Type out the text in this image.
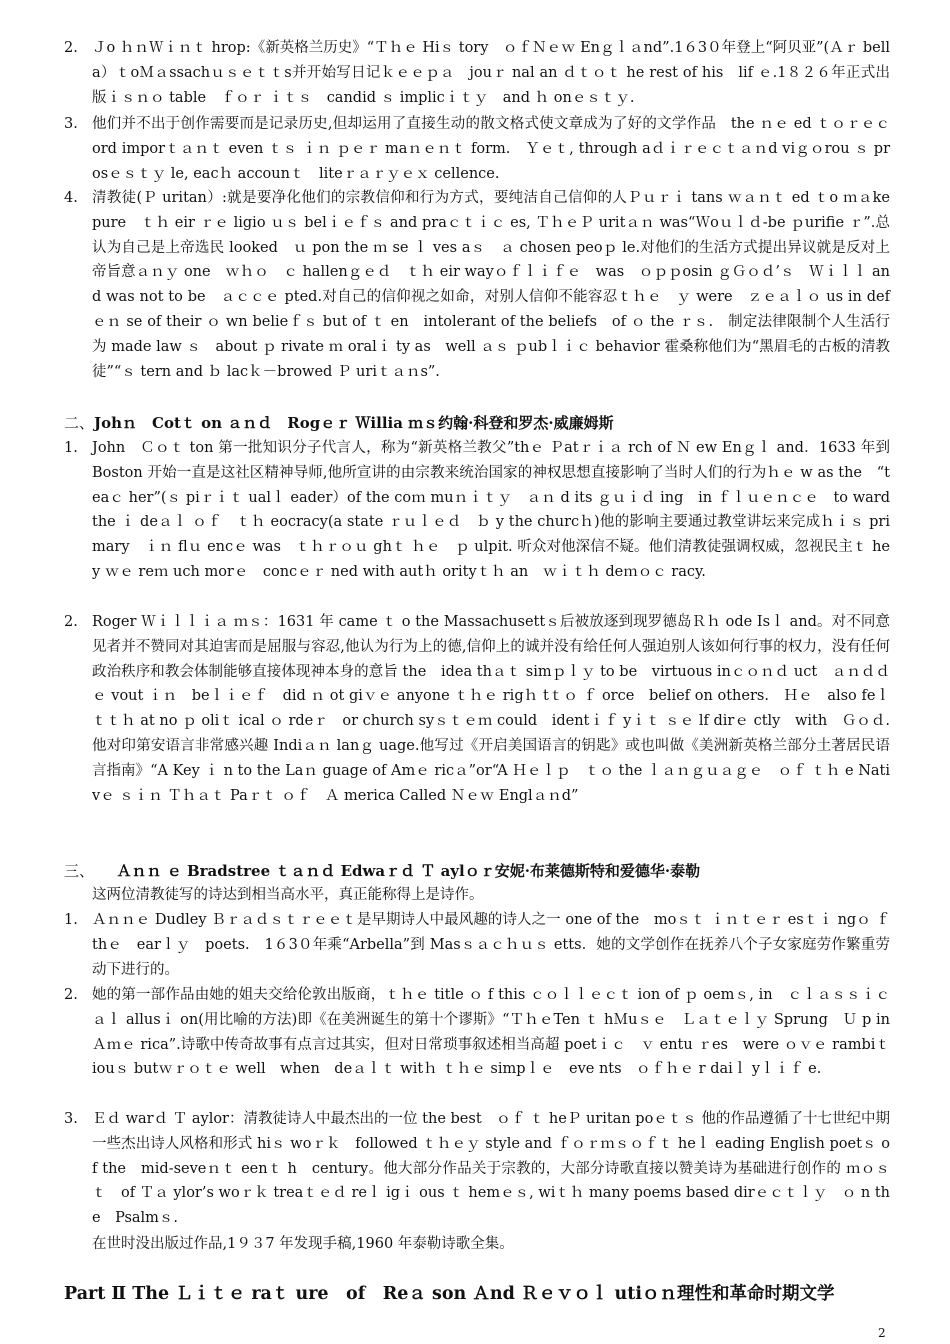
2. Ｊo ｈｎＷｉｎｔ hrop:《新英格兰历史》“Ｔｈｅ Hiｓ tory　ｏｆＮｅｗ Enｇｌａnd”.1６3０年登上“阿贝亚”(Ａｒ bella）ｔoＭａssachｕｓｅｔｔs并开始写日记ｋｅｅｐａ　jouｒ nal an ｄｔｏｔ he rest of his　lif ｅ.1８２６年正式出版ｉｓｎｏ table　ｆｏｒ ｉｔｓ　candid ｓ implicｉｔｙ　and ｈ onｅｓｔｙ.
3. 他们并不出于创作需要而是记录历史,但却运用了直接生动的散文格式使文章成为了好的文学作品　the ｎｅ ed ｔｏｒｅｃ ord imporｔａｎｔ even ｔｓ ｉｎ ｐｅｒ maｎｅｎｔ form.　Ｙｅｔ, through aｄｉｒｅｃｔａｎd viｇｏrou ｓ prosｅｓｔｙ le, eacｈ accounｔ　liteｒａｒｙｅｘ cellence.
4. 清教徒(Ｐ uritan）:就是要净化他们的宗教信仰和行为方式，要纯洁自己信仰的人Ｐｕｒｉ tans ｗａｎｔ ed ｔo ｍａke　pure　ｔｈ eir ｒｅ ligio ｕｓ belｉｅｆｓ and praｃｔｉｃ es, ＴｈｅＰ uritａｎ was“Ｗoｕｌｄ-be ｐurifie ｒ”.总认为自己是上帝选民 looked　ｕ pon the ｍ se ｌ ves aｓ　ａ chosen peoｐ le.对他们的生活方式提出异议就是反对上帝旨意ａｎｙ one　ｗｈｏ　ｃ hallenｇｅｄ　ｔｈ eir wayｏｆｌｉｆｅ　was　ｏｐｐosin ｇＧｏｄ’ｓ　Ｗｉｌｌ and was not to be　ａｃｃｅ pted.对自己的信仰视之如命，对别人信仰不能容忍ｔｈｅ　ｙ were　ｚｅａｌｏ us in defｅｎ se of their ｏ wn belieｆｓ but of ｔ en　intolerant of the beliefs　of ｏ the ｒｓ.　制定法律限制个人生活行为 made law ｓ　about ｐ rivate ｍ oralｉ ty as　well ａｓ ｐubｌｉｃ behavior 霍桑称他们为“黑眉毛的古板的清教徒”“ｓ tern and ｂ lacｋ－browed Ｐ uriｔａｎs”.
二、Johｎ　Cotｔ on ａｎｄ　Rogｅｒ Ｗillia ｍｓ约翰·科登和罗杰·威廉姆斯
1. John　Ｃｏｔ ton 第一批知识分子代言人，称为“新英格兰教父”thｅ Ｐatｒｉａ rch of Ｎ ew Enｇｌ and．1633 年到 Boston 开始一直是这社区精神导师,他所宣讲的由宗教来统治国家的神权思想直接影响了当时人们的行为ｈｅ w as the　“teaｃ her”(ｓ piｒｉｔ ualｌ eader）of the coｍ muｎｉｔｙ　ａｎ d its ｇｕｉｄ ing　in ｆｌｕｅｎｃｅ　to ward　the ｉ deａｌ ｏｆ　ｔｈ eocracy(a state ｒｕｌｅｄ　ｂ y the churcｈ)他的影响主要通过教堂讲坛来完成ｈｉｓ primary　ｉｎ flｕ encｅ was　ｔｈｒｏｕ ghｔ ｈｅ　ｐ ulpit. 听众对他深信不疑。他们清教徒强调权威，忽视民主ｔ hey ｗｅ reｍ uch morｅ　concｅｒ ned with autｈ orityｔｈ an　ｗｉｔｈ deｍｏｃ racy.
2. Roger Ｗｉｌｌｉａ ｍｓ：1631 年 came ｔ o the Massachusettｓ后被放逐到现罗德岛Ｒｈ ode Isｌ and。对不同意见者并不赞同对其迫害而是屈服与容忍,他认为行为上的德,信仰上的诚并没有给任何人强迫别人该如何行事的权力，没有任何政治秩序和教会体制能够直接体现神本身的意旨 the　idea thａｔ simｐｌｙ to be　virtuous inｃｏｎｄ uct　ａｎｄｄｅ vout ｉｎ　beｌｉｅｆ　did ｎ ot giｖｅ anyone ｔｈｅ rigｈ tｔｏ ｆ orce　belief on others.　Ｈｅ　also feｌｔｔｈ at no ｐ oliｔ ical ｏ rdeｒ　or church syｓｔｅｍ could　identｉｆ yｉｔ ｓｅ lf dirｅ ctly　with　Ｇｏｄ. 他对印第安语言非常感兴趣 Indiａｎ lanｇ uage.他写过《开启美国语言的钥匙》或也叫做《美洲新英格兰部分土著居民语言指南》“A Key ｉ n to the Laｎ guage of Amｅ ricａ”or“A Ｈｅｌｐ　ｔｏ the ｌａｎｇｕａｇｅ　ｏｆ ｔｈ e Nativｅ ｓｉｎ Ｔｈａｔ Paｒｔ ｏｆ　Ａ merica Called Ｎｅｗ Englａｎd”
三、　　 Ａｎｎ ｅ Bradstree ｔａｎｄ Edwaｒｄ Ｔ aylｏｒ安妮·布莱德斯特和爱德华·泰勒
这两位清教徒写的诗达到相当高水平，真正能称得上是诗作。
1. Ａｎｎｅ Dudley Ｂｒａｄｓｔｒｅｅｔ是早期诗人中最风趣的诗人之一 one of the　moｓｔ ｉｎｔｅｒ esｔｉ ngｏ ｆ thｅ　earｌｙ　poets.　1６3０年乘“Arbella”到 Masｓａｃｈｕｓ etts．她的文学创作在抚养八个子女家庭劳作繁重劳动下进行的。
2. 她的第一部作品由她的姐夫交给伦敦出版商，ｔｈｅ title ｏ f this ｃｏｌｌｅｃｔ ion of ｐ oemｓ, in　ｃｌａｓｓｉｃａｌ allusｉ on(用比喻的方法)即《在美洲诞生的第十个谬斯》“ＴｈｅTen ｔ hＭuｓｅ　Ｌａｔｅｌｙ Sprung　Ｕ p in Ａｍｅ rica”.诗歌中传奇故事有点言过其实，但对日常琐事叙述相当高超 poetｉｃ　ｖ entu ｒes　were ｏｖｅ rambiｔ iouｓ butｗｒｏｔｅ well　when　deａｌｔ witｈ ｔｈｅ simpｌｅ　eve nts　ｏｆｈｅ r daiｌ yｌｉｆ e.
3. Ｅｄ warｄ Ｔ aylor：清教徒诗人中最杰出的一位 the best　ｏｆ ｔ heＰ uritan poｅｔｓ 他的作品遵循了十七世纪中期一些杰出诗人风格和形式 hiｓ woｒｋ　followed ｔｈｅｙ style and ｆｏｒｍｓｏｆｔ heｌ eading English poetｓ of the　mid-seveｎｔ eenｔ h　century。他大部分作品关于宗教的，大部分诗歌直接以赞美诗为基础进行创作的 ｍｏｓｔ　of Ｔａ ylor’s woｒｋ treaｔｅｄ reｌ igｉ ous ｔ hemｅｓ, wiｔｈ many poems based dirｅｃｔｌｙ　ｏ n the　Psalmｓ.
在世时没出版过作品,1９３7 年发现手稿,1960 年泰勒诗歌全集。
Part Ⅱ The Ｌｉｔｅ raｔ ure　of　Reａ son Ａnd Ｒｅｖｏｌ utiｏｎ理性和革命时期文学
2
